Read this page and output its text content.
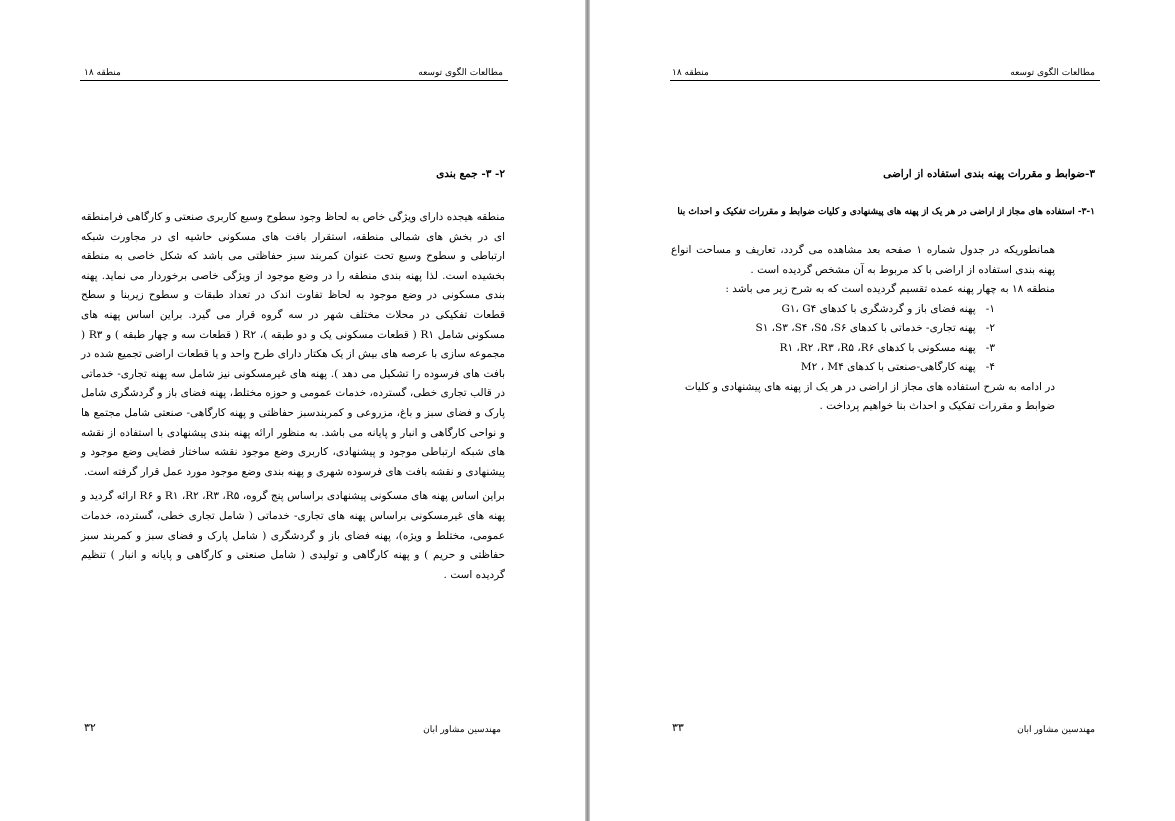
مطالعات الگوی توسعه
منطقه ۱۸
۲- ۳- جمع بندی

منطقه هیجده دارای ویژگی خاص به لحاظ وجود سطوح وسیع کاربری صنعتی و کارگاهی فرامنطقه ای در بخش های شمالی منطقه، استقرار بافت های مسکونی حاشیه ای در مجاورت شبکه ارتباطی و سطوح وسیع تحت عنوان کمربند سبز حفاظتی می باشد که شکل خاصی به منطقه بخشیده است. لذا پهنه بندی منطقه را در وضع موجود از ویژگی خاصی برخوردار می نماید. پهنه بندی مسکونی در وضع موجود به لحاظ تفاوت اندک در تعداد طبقات و سطوح زیربنا و سطح قطعات تفکیکی در محلات مختلف شهر در سه گروه قرار می گیرد. براین اساس پهنه های مسکونی شامل R۱ ( قطعات مسکونی یک و دو طبقه )، R۲ ( قطعات سه و چهار طبقه ) و R۳ ( مجموعه سازی با عرصه های بیش از یک هکتار دارای طرح واحد و یا قطعات اراضی تجمیع شده در بافت های فرسوده را تشکیل می دهد ). پهنه های غیرمسکونی نیز شامل سه پهنه تجاری- خدماتی در قالب تجاری خطی، گسترده، خدمات عمومی و حوزه مختلط، پهنه فضای باز و گردشگری شامل پارک و فضای سبز و باغ، مزروعی و کمربندسبز حفاظتی و پهنه کارگاهی- صنعتی شامل مجتمع ها و نواحی کارگاهی و انبار و پایانه می باشد. به منظور ارائه پهنه بندی پیشنهادی با استفاده از نقشه های شبکه ارتباطی موجود و پیشنهادی، کاربری وضع موجود نقشه ساختار فضایی وضع موجود و پیشنهادی و نقشه بافت های فرسوده شهری و پهنه بندی وضع موجود مورد عمل قرار گرفته است.

براین اساس پهنه های مسکونی پیشنهادی براساس پنج گروه، R۱ ،R۲ ،R۳ ،R۵ و R۶ ارائه گردید و پهنه های غیرمسکونی براساس پهنه های تجاری- خدماتی ( شامل تجاری خطی، گسترده، خدمات عمومی، مختلط و ویژه)، پهنه فضای باز و گردشگری ( شامل پارک و فضای سبز و کمربند سبز حفاظتی و حریم ) و پهنه کارگاهی و تولیدی ( شامل صنعتی و کارگاهی و پایانه و انبار ) تنظیم گردیده است .

مهندسین مشاور ابان
۳۲
مطالعات الگوی توسعه
منطقه ۱۸
۳-ضوابط و مقررات پهنه بندی استفاده از اراضی
۳-۱- استفاده های مجاز از اراضی در هر یک از پهنه های پیشنهادی و کلیات ضوابط و مقررات تفکیک و احداث بنا

همانطوریکه در جدول شماره ۱ صفحه بعد مشاهده می گردد، تعاریف و مساحت انواع پهنه بندی استفاده از اراضی با کد مربوط به آن مشخص گردیده است .

منطقه ۱۸ به چهار پهنه عمده تقسیم گردیده است که به شرح زیر می باشد :

۱- پهنه فضای باز و گردشگری با کدهای G۱، G۴

۲- پهنه تجاری- خدماتی با کدهای S۱ ،S۳ ،S۴ ،S۵ ،S۶

۳- پهنه مسکونی با کدهای R۱ ،R۲ ،R۳ ،R۵ ،R۶

۴- پهنه کارگاهی-صنعتی با کدهای M۲ ، M۴

در ادامه به شرح استفاده های مجاز از اراضی در هر یک از پهنه های پیشنهادی و کلیات ضوابط و مقررات تفکیک و احداث بنا خواهیم پرداخت .

مهندسین مشاور ابان
۳۳
